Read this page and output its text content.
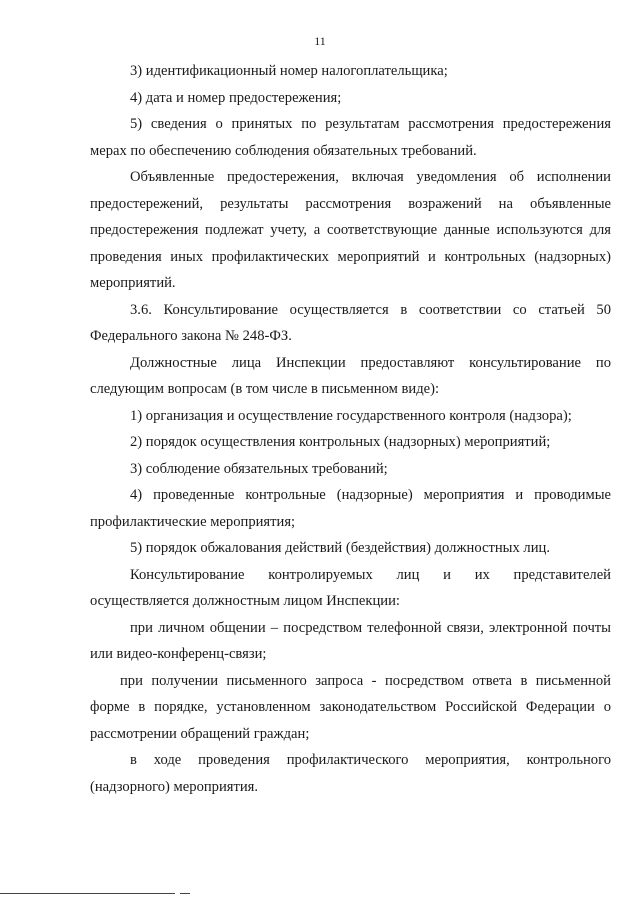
11

3) идентификационный номер налогоплательщика;

4) дата и номер предостережения;

5) сведения о принятых по результатам рассмотрения предостережения мерах по обеспечению соблюдения обязательных требований.

Объявленные предостережения, включая уведомления об исполнении предостережений, результаты рассмотрения возражений на объявленные предостережения подлежат учету, а соответствующие данные используются для проведения иных профилактических мероприятий и контрольных (надзорных) мероприятий.

3.6. Консультирование осуществляется в соответствии со статьей 50 Федерального закона № 248-ФЗ.

Должностные лица Инспекции предоставляют консультирование по следующим вопросам (в том числе в письменном виде):

1) организация и осуществление государственного контроля (надзора);

2) порядок осуществления контрольных (надзорных) мероприятий;

3) соблюдение обязательных требований;

4) проведенные контрольные (надзорные) мероприятия и проводимые профилактические мероприятия;

5) порядок обжалования действий (бездействия) должностных лиц.

Консультирование контролируемых лиц и их представителей осуществляется должностным лицом Инспекции:

при личном общении – посредством телефонной связи, электронной почты или видео-конференц-связи;

при получении письменного запроса - посредством ответа в письменной форме в порядке, установленном законодательством Российской Федерации о рассмотрении обращений граждан;

в ходе проведения профилактического мероприятия, контрольного (надзорного) мероприятия.
